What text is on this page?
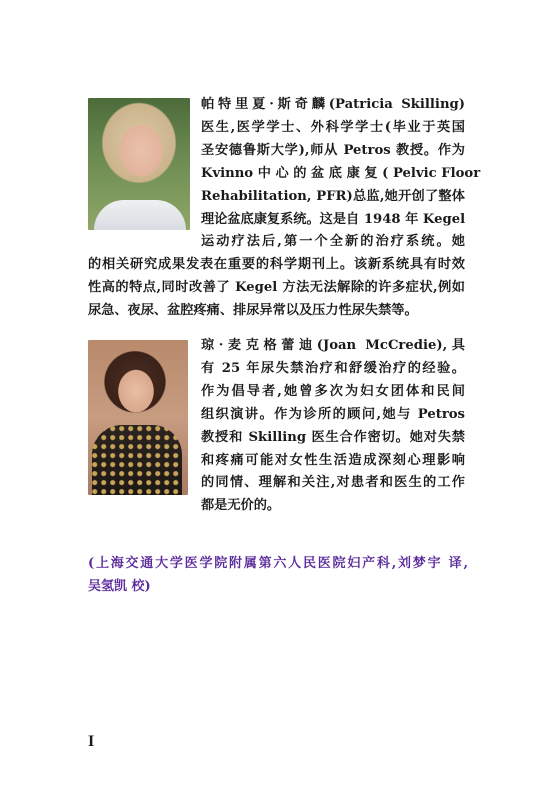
帕特里夏·斯奇麟(Patricia Skilling)
医生,医学学士、外科学学士(毕业于英国
圣安德鲁斯大学),师从 Petros 教授。作为
Kvinno 中 心 的 盆 底 康 复 ( Pelvic Floor
Rehabilitation, PFR)总监,她开创了整体
理论盆底康复系统。这是自 1948 年 Kegel
运动疗法后,第一个全新的治疗系统。她
的相关研究成果发表在重要的科学期刊上。该新系统具有时效
性高的特点,同时改善了 Kegel 方法无法解除的许多症状,例如
尿急、夜尿、盆腔疼痛、排尿异常以及压力性尿失禁等。

琼·麦克格蕾迪(Joan McCredie),具
有 25 年尿失禁治疗和舒缓治疗的经验。
作为倡导者,她曾多次为妇女团体和民间
组织演讲。作为诊所的顾问,她与 Petros
教授和 Skilling 医生合作密切。她对失禁
和疼痛可能对女性生活造成深刻心理影响
的同情、理解和关注,对患者和医生的工作
都是无价的。

(上海交通大学医学院附属第六人民医院妇产科,刘梦宇 译,
吴氢凯 校)

I
